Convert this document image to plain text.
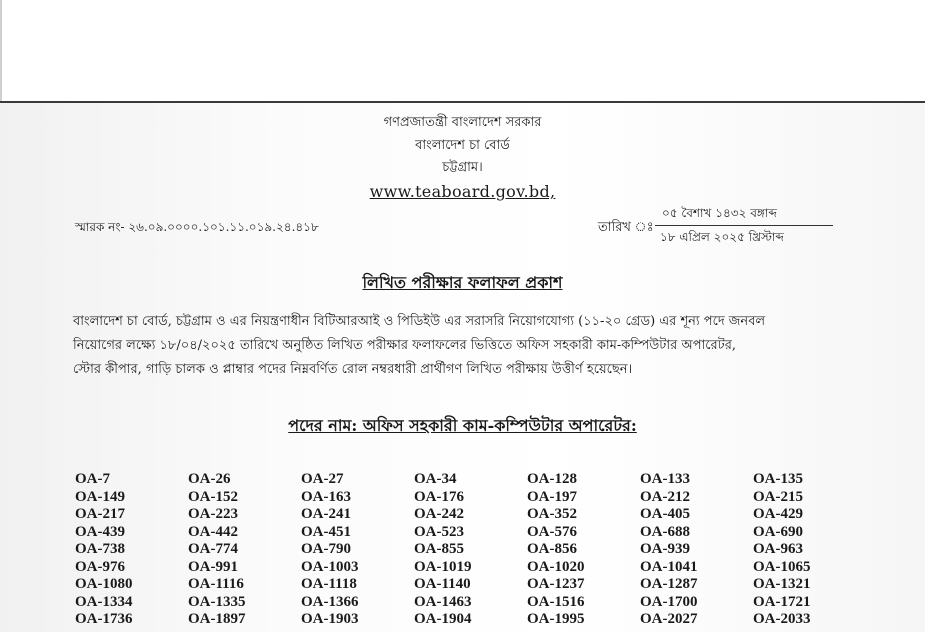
গণপ্রজাতন্ত্রী বাংলাদেশ সরকার
বাংলাদেশ চা বোর্ড
চট্টগ্রাম।
www.teaboard.gov.bd,
স্মারক নং- ২৬.০৯.০০০০.১০১.১১.০১৯.২৪.৪১৮	তারিখ ঃ
০৫ বৈশাখ ১৪৩২ বঙ্গাব্দ
১৮ এপ্রিল ২০২৫ খ্রিস্টাব্দ
লিখিত পরীক্ষার ফলাফল প্রকাশ
বাংলাদেশ চা বোর্ড, চট্টগ্রাম ও এর নিয়ন্ত্রণাধীন বিটিআরআই ও পিডিইউ এর সরাসরি নিয়োগযোগ্য (১১-২০ গ্রেড) এর শূন্য পদে জনবল
নিয়োগের লক্ষ্যে ১৮/০৪/২০২৫ তারিখে অনুষ্ঠিত লিখিত পরীক্ষার ফলাফলের ভিত্তিতে অফিস সহকারী কাম-কম্পিউটার অপারেটর,
স্টোর কীপার, গাড়ি চালক ও প্লাম্বার পদের নিম্নবর্ণিত রোল নম্বরধারী প্রার্থীগণ লিখিত পরীক্ষায় উত্তীর্ণ হয়েছেন।
পদের নাম: অফিস সহকারী কাম-কম্পিউটার অপারেটর:
OA-7	OA-26	OA-27	OA-34	OA-128	OA-133	OA-135
OA-149	OA-152	OA-163	OA-176	OA-197	OA-212	OA-215
OA-217	OA-223	OA-241	OA-242	OA-352	OA-405	OA-429
OA-439	OA-442	OA-451	OA-523	OA-576	OA-688	OA-690
OA-738	OA-774	OA-790	OA-855	OA-856	OA-939	OA-963
OA-976	OA-991	OA-1003	OA-1019	OA-1020	OA-1041	OA-1065
OA-1080	OA-1116	OA-1118	OA-1140	OA-1237	OA-1287	OA-1321
OA-1334	OA-1335	OA-1366	OA-1463	OA-1516	OA-1700	OA-1721
OA-1736	OA-1897	OA-1903	OA-1904	OA-1995	OA-2027	OA-2033
